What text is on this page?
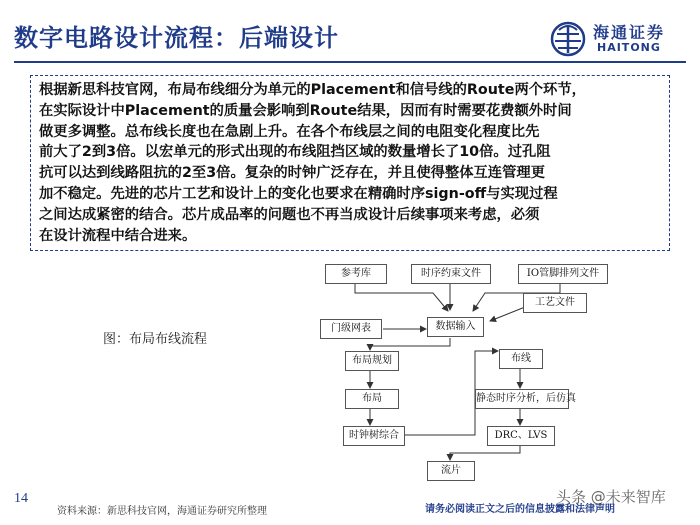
数字电路设计流程：后端设计	海通证券
HAITONG
根据新思科技官网，布局布线细分为单元的Placement和信号线的Route两个环节，
在实际设计中Placement的质量会影响到Route结果，因而有时需要花费额外时间
做更多调整。总布线长度也在急剧上升。在各个布线层之间的电阻变化程度比先
前大了2到3倍。以宏单元的形式出现的布线阻挡区域的数量增长了10倍。过孔阻
抗可以达到线路阻抗的2至3倍。复杂的时钟广泛存在，并且使得整体互连管理更
加不稳定。先进的芯片工艺和设计上的变化也要求在精确时序sign-off与实现过程
之间达成紧密的结合。芯片成品率的问题也不再当成设计后续事项来考虑，必须
在设计流程中结合进来。
图：布局布线流程
参考库	时序约束文件	IO管脚排列文件
门级网表
工艺文件
数据输入
布局规划	布线
布局	静态时序分析，后仿真
时钟树综合	DRC、LVS
流片
14
资料来源：新思科技官网，海通证券研究所整理	请务必阅读正文之后的信息披露和法律声明
头条 @未来智库
